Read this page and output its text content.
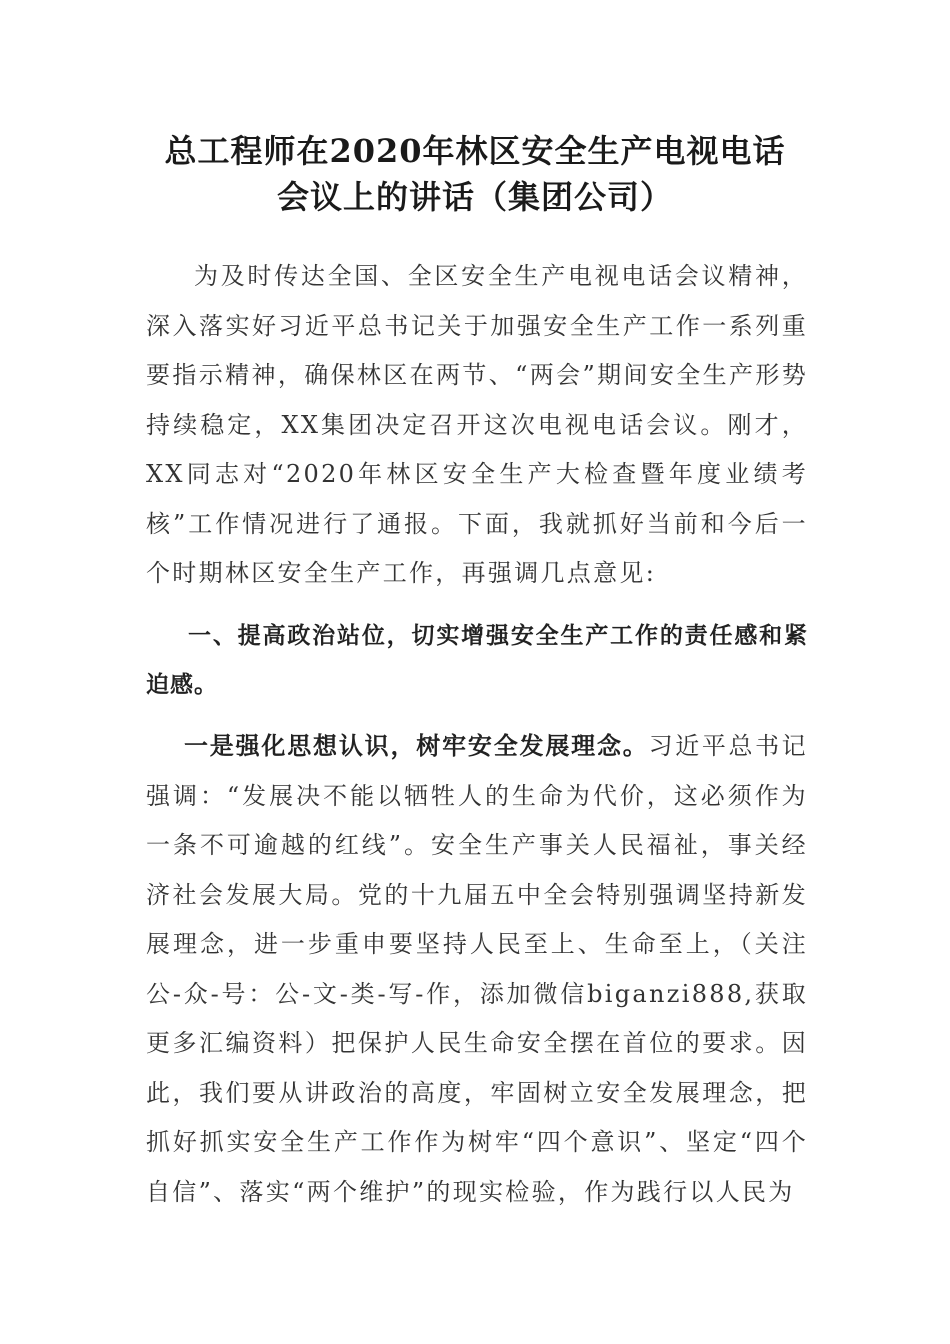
总工程师在2020年林区安全生产电视电话
会议上的讲话（集团公司）

为及时传达全国、全区安全生产电视电话会议精神，深入落实好习近平总书记关于加强安全生产工作一系列重要指示精神，确保林区在两节、“两会”期间安全生产形势持续稳定，XX集团决定召开这次电视电话会议。刚才，XX同志对“2020年林区安全生产大检查暨年度业绩考核”工作情况进行了通报。下面，我就抓好当前和今后一个时期林区安全生产工作，再强调几点意见:

一、提高政治站位，切实增强安全生产工作的责任感和紧迫感。

一是强化思想认识，树牢安全发展理念。习近平总书记强调：“发展决不能以牺牲人的生命为代价，这必须作为一条不可逾越的红线”。安全生产事关人民福祉，事关经济社会发展大局。党的十九届五中全会特别强调坚持新发展理念，进一步重申要坚持人民至上、生命至上，（关注公-众-号：公-文-类-写-作，添加微信biganzi888,获取更多汇编资料）把保护人民生命安全摆在首位的要求。因此，我们要从讲政治的高度，牢固树立安全发展理念，把抓好抓实安全生产工作作为树牢“四个意识”、坚定“四个自信”、落实“两个维护”的现实检验，作为践行以人民为
